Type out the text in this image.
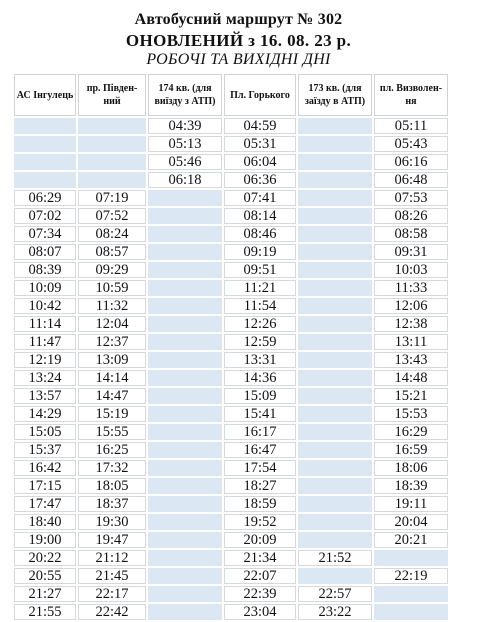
Автобусний маршрут № 302
ОНОВЛЕНИЙ з 16. 08. 23 р.
РОБОЧІ ТА ВИХІДНІ ДНІ
АС Інгулець	пр. Півден-ний	174 кв. (для виїзду з АТП)	Пл. Горького	173 кв. (для заїзду в АТП)	пл. Визволен-ня
		04:39	04:59		05:11
		05:13	05:31		05:43
		05:46	06:04		06:16
		06:18	06:36		06:48
06:29	07:19		07:41		07:53
07:02	07:52		08:14		08:26
07:34	08:24		08:46		08:58
08:07	08:57		09:19		09:31
08:39	09:29		09:51		10:03
10:09	10:59		11:21		11:33
10:42	11:32		11:54		12:06
11:14	12:04		12:26		12:38
11:47	12:37		12:59		13:11
12:19	13:09		13:31		13:43
13:24	14:14		14:36		14:48
13:57	14:47		15:09		15:21
14:29	15:19		15:41		15:53
15:05	15:55		16:17		16:29
15:37	16:25		16:47		16:59
16:42	17:32		17:54		18:06
17:15	18:05		18:27		18:39
17:47	18:37		18:59		19:11
18:40	19:30		19:52		20:04
19:00	19:47		20:09		20:21
20:22	21:12		21:34	21:52	
20:55	21:45		22:07		22:19
21:27	22:17		22:39	22:57	
21:55	22:42		23:04	23:22	
